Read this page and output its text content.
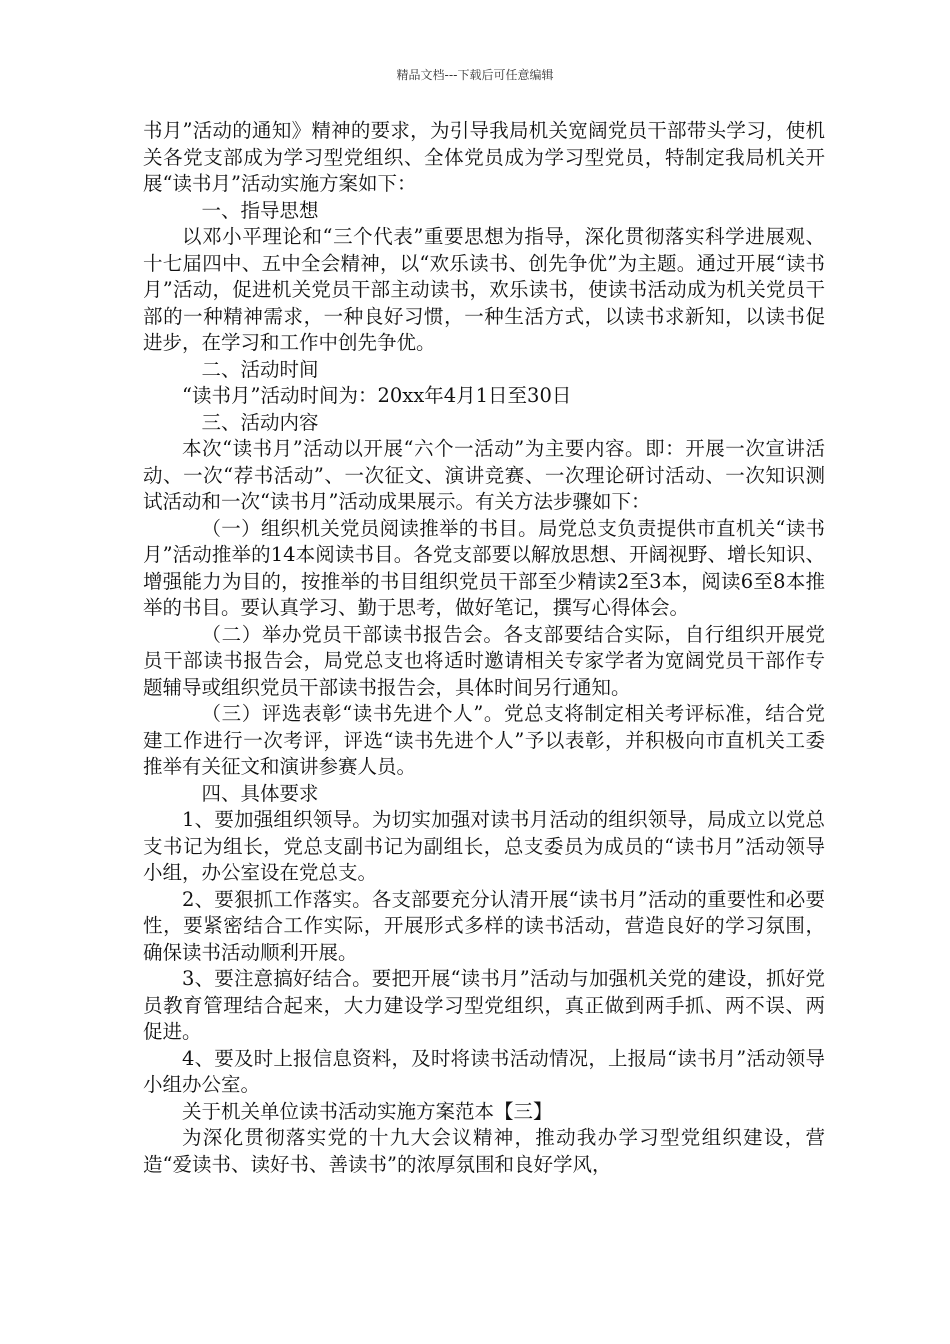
精品文档---下载后可任意编辑

书月”活动的通知》精神的要求，为引导我局机关宽阔党员干部带头学习，使机关各党支部成为学习型党组织、全体党员成为学习型党员，特制定我局机关开展“读书月”活动实施方案如下：

一、指导思想

以邓小平理论和“三个代表”重要思想为指导，深化贯彻落实科学进展观、十七届四中、五中全会精神，以“欢乐读书、创先争优”为主题。通过开展“读书月”活动，促进机关党员干部主动读书，欢乐读书，使读书活动成为机关党员干部的一种精神需求，一种良好习惯，一种生活方式，以读书求新知，以读书促进步，在学习和工作中创先争优。

二、活动时间

“读书月”活动时间为：20xx年4月1日至30日

三、活动内容

本次“读书月”活动以开展“六个一活动”为主要内容。即：开展一次宣讲活动、一次“荐书活动”、一次征文、演讲竞赛、一次理论研讨活动、一次知识测试活动和一次“读书月”活动成果展示。有关方法步骤如下：

（一）组织机关党员阅读推举的书目。局党总支负责提供市直机关“读书月”活动推举的14本阅读书目。各党支部要以解放思想、开阔视野、增长知识、增强能力为目的，按推举的书目组织党员干部至少精读2至3本，阅读6至8本推举的书目。要认真学习、勤于思考，做好笔记，撰写心得体会。

（二）举办党员干部读书报告会。各支部要结合实际，自行组织开展党员干部读书报告会，局党总支也将适时邀请相关专家学者为宽阔党员干部作专题辅导或组织党员干部读书报告会，具体时间另行通知。

（三）评选表彰“读书先进个人”。党总支将制定相关考评标准，结合党建工作进行一次考评，评选“读书先进个人”予以表彰，并积极向市直机关工委推举有关征文和演讲参赛人员。

四、具体要求

1、要加强组织领导。为切实加强对读书月活动的组织领导，局成立以党总支书记为组长，党总支副书记为副组长，总支委员为成员的“读书月”活动领导小组，办公室设在党总支。

2、要狠抓工作落实。各支部要充分认清开展“读书月”活动的重要性和必要性，要紧密结合工作实际，开展形式多样的读书活动，营造良好的学习氛围，确保读书活动顺利开展。

3、要注意搞好结合。要把开展“读书月”活动与加强机关党的建设，抓好党员教育管理结合起来，大力建设学习型党组织，真正做到两手抓、两不误、两促进。

4、要及时上报信息资料，及时将读书活动情况，上报局“读书月”活动领导小组办公室。

关于机关单位读书活动实施方案范本【三】

为深化贯彻落实党的十九大会议精神，推动我办学习型党组织建设，营造“爱读书、读好书、善读书”的浓厚氛围和良好学风，
